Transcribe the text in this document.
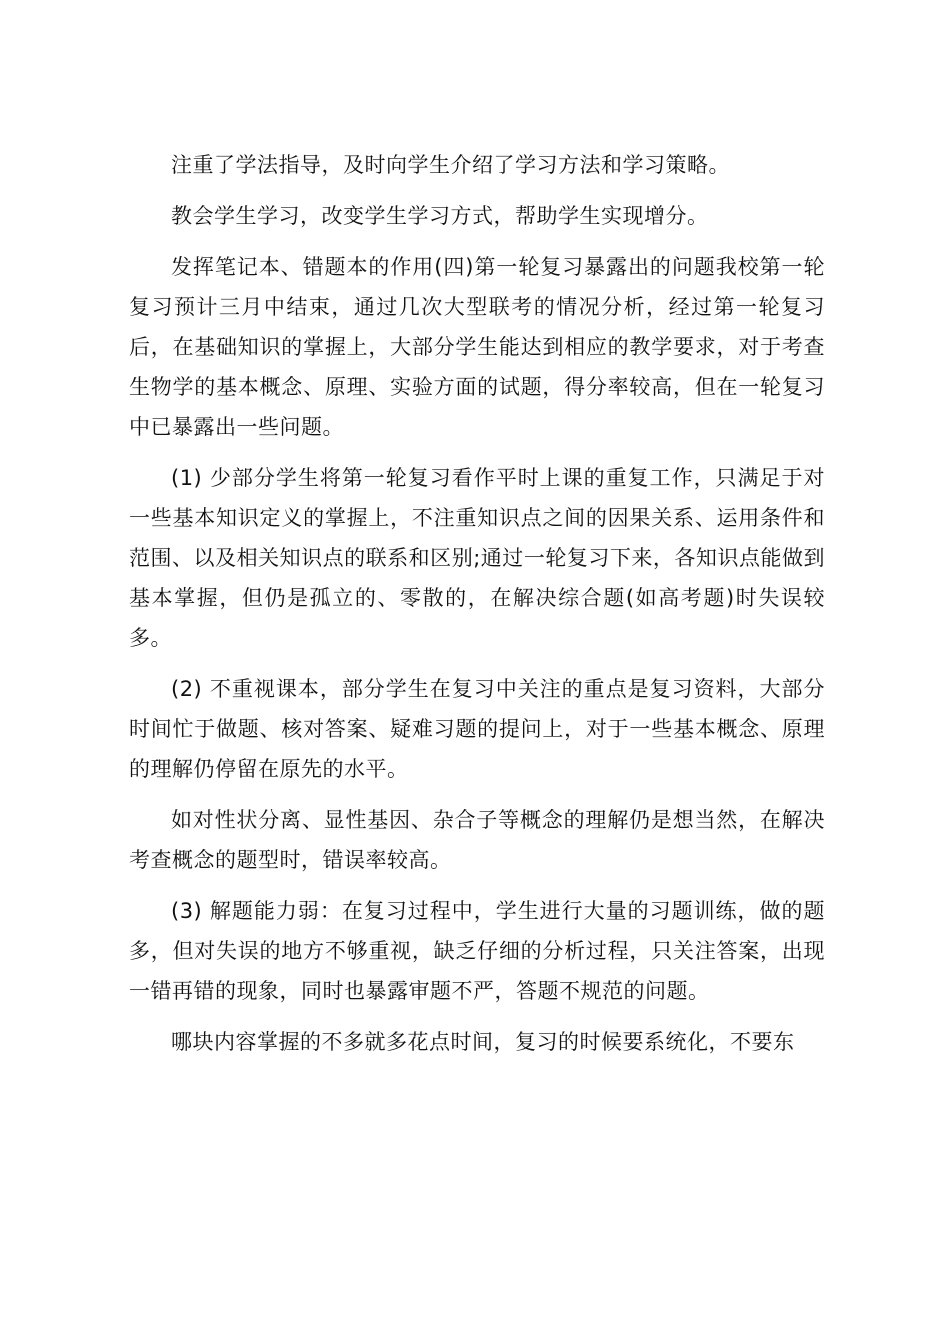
注重了学法指导，及时向学生介绍了学习方法和学习策略。

教会学生学习，改变学生学习方式，帮助学生实现增分。

发挥笔记本、错题本的作用(四)第一轮复习暴露出的问题我校第一轮复习预计三月中结束，通过几次大型联考的情况分析，经过第一轮复习后，在基础知识的掌握上，大部分学生能达到相应的教学要求，对于考查生物学的基本概念、原理、实验方面的试题，得分率较高，但在一轮复习中已暴露出一些问题。

(1) 少部分学生将第一轮复习看作平时上课的重复工作，只满足于对一些基本知识定义的掌握上，不注重知识点之间的因果关系、运用条件和范围、以及相关知识点的联系和区别;通过一轮复习下来，各知识点能做到基本掌握，但仍是孤立的、零散的，在解决综合题(如高考题)时失误较多。

(2) 不重视课本，部分学生在复习中关注的重点是复习资料，大部分时间忙于做题、核对答案、疑难习题的提问上，对于一些基本概念、原理的理解仍停留在原先的水平。

如对性状分离、显性基因、杂合子等概念的理解仍是想当然，在解决考查概念的题型时，错误率较高。

(3) 解题能力弱：在复习过程中，学生进行大量的习题训练，做的题多，但对失误的地方不够重视，缺乏仔细的分析过程，只关注答案，出现一错再错的现象，同时也暴露审题不严，答题不规范的问题。

哪块内容掌握的不多就多花点时间，复习的时候要系统化，不要东
